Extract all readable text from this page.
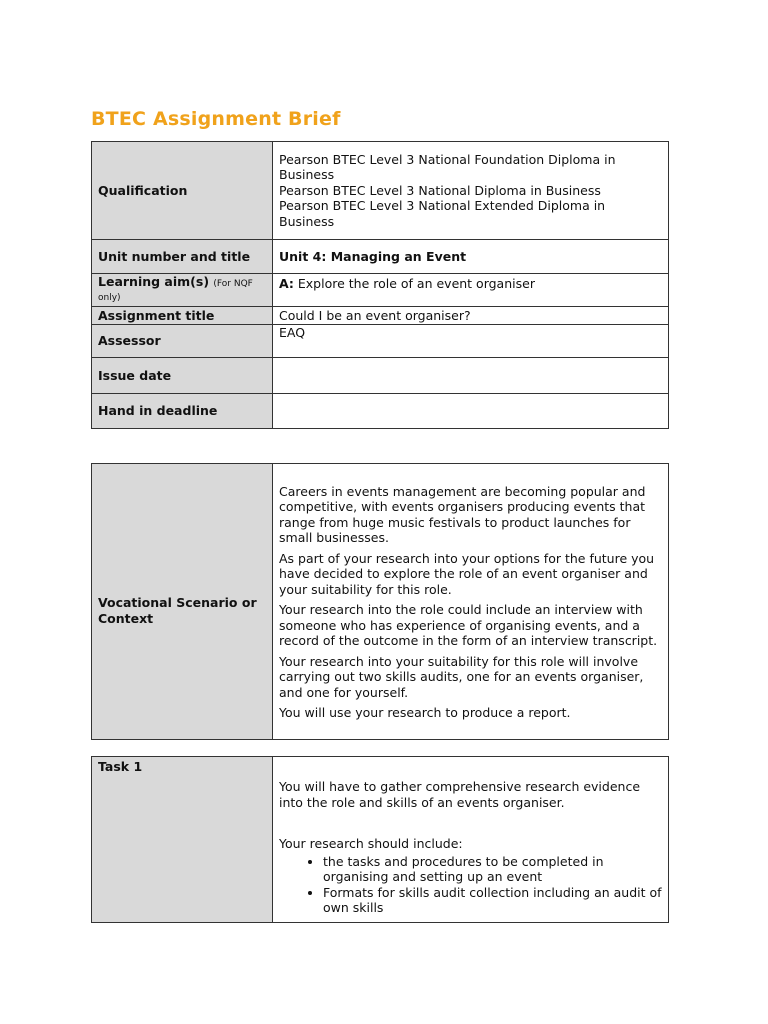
BTEC Assignment Brief
Qualification	Pearson BTEC Level 3 National Foundation Diploma in Business
Pearson BTEC Level 3 National Diploma in Business
Pearson BTEC Level 3 National Extended Diploma in Business

Unit number and title	Unit 4: Managing an Event
Learning aim(s) (For NQF only)	A: Explore the role of an event organiser
Assignment title	Could I be an event organiser?
Assessor	EAQ
Issue date	
Hand in deadline	
Vocational Scenario or Context	

Careers in events management are becoming popular and competitive, with events organisers producing events that range from huge music festivals to product launches for small businesses.

As part of your research into your options for the future you have decided to explore the role of an event organiser and your suitability for this role.

Your research into the role could include an interview with someone who has experience of organising events, and a record of the outcome in the form of an interview transcript.

Your research into your suitability for this role will involve carrying out two skills audits, one for an events organiser, and one for yourself.

You will use your research to produce a report.

Task 1	

You will have to gather comprehensive research evidence into the role and skills of an events organiser.

Your research should include:

• the tasks and procedures to be completed in organising and setting up an event
• Formats for skills audit collection including an audit of own skills
